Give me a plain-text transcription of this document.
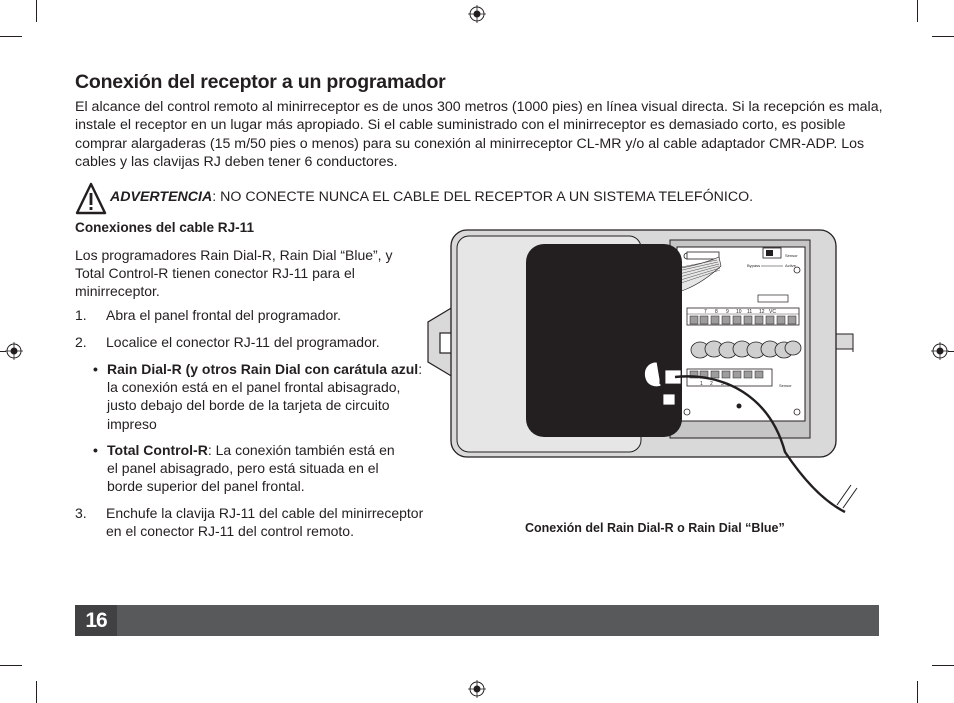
Conexión del receptor a un programador

El alcance del control remoto al minirreceptor es de unos 300 metros (1000 pies) en línea visual directa. Si la recepción es mala, instale el receptor en un lugar más apropiado. Si el cable suministrado con el minirreceptor es demasiado corto, es posible comprar alargaderas (15 m/50 pies o menos) para su conexión al minirreceptor CL-MR y/o al cable adaptador CMR-ADP. Los cables y las clavijas RJ deben tener 6 conductores.

ADVERTENCIA: NO CONECTE NUNCA EL CABLE DEL RECEPTOR A UN SISTEMA TELEFÓNICO.
Conexiones del cable RJ-11

Los programadores Rain Dial-R, Rain Dial “Blue”, y Total Control-R tienen conector RJ-11 para el minirreceptor.

1.	Abra el panel frontal del programador.
2.	Localice el conector RJ-11 del programador.
• Rain Dial-R (y otros Rain Dial con carátula azul: la conexión está en el panel frontal abisagrado, justo debajo del borde de la tarjeta de circuito impreso
• Total Control-R: La conexión también está en el panel abisagrado, pero está situada en el borde superior del panel frontal.
3.	Enchufe la clavija RJ-11 del cable del minirreceptor en el conector RJ-11 del control remoto.
Sensor
Bypass	Active
7 8 9 10 11 12 VC
1 2 3	Sensor
Conexión del Rain Dial-R o Rain Dial “Blue”
16
